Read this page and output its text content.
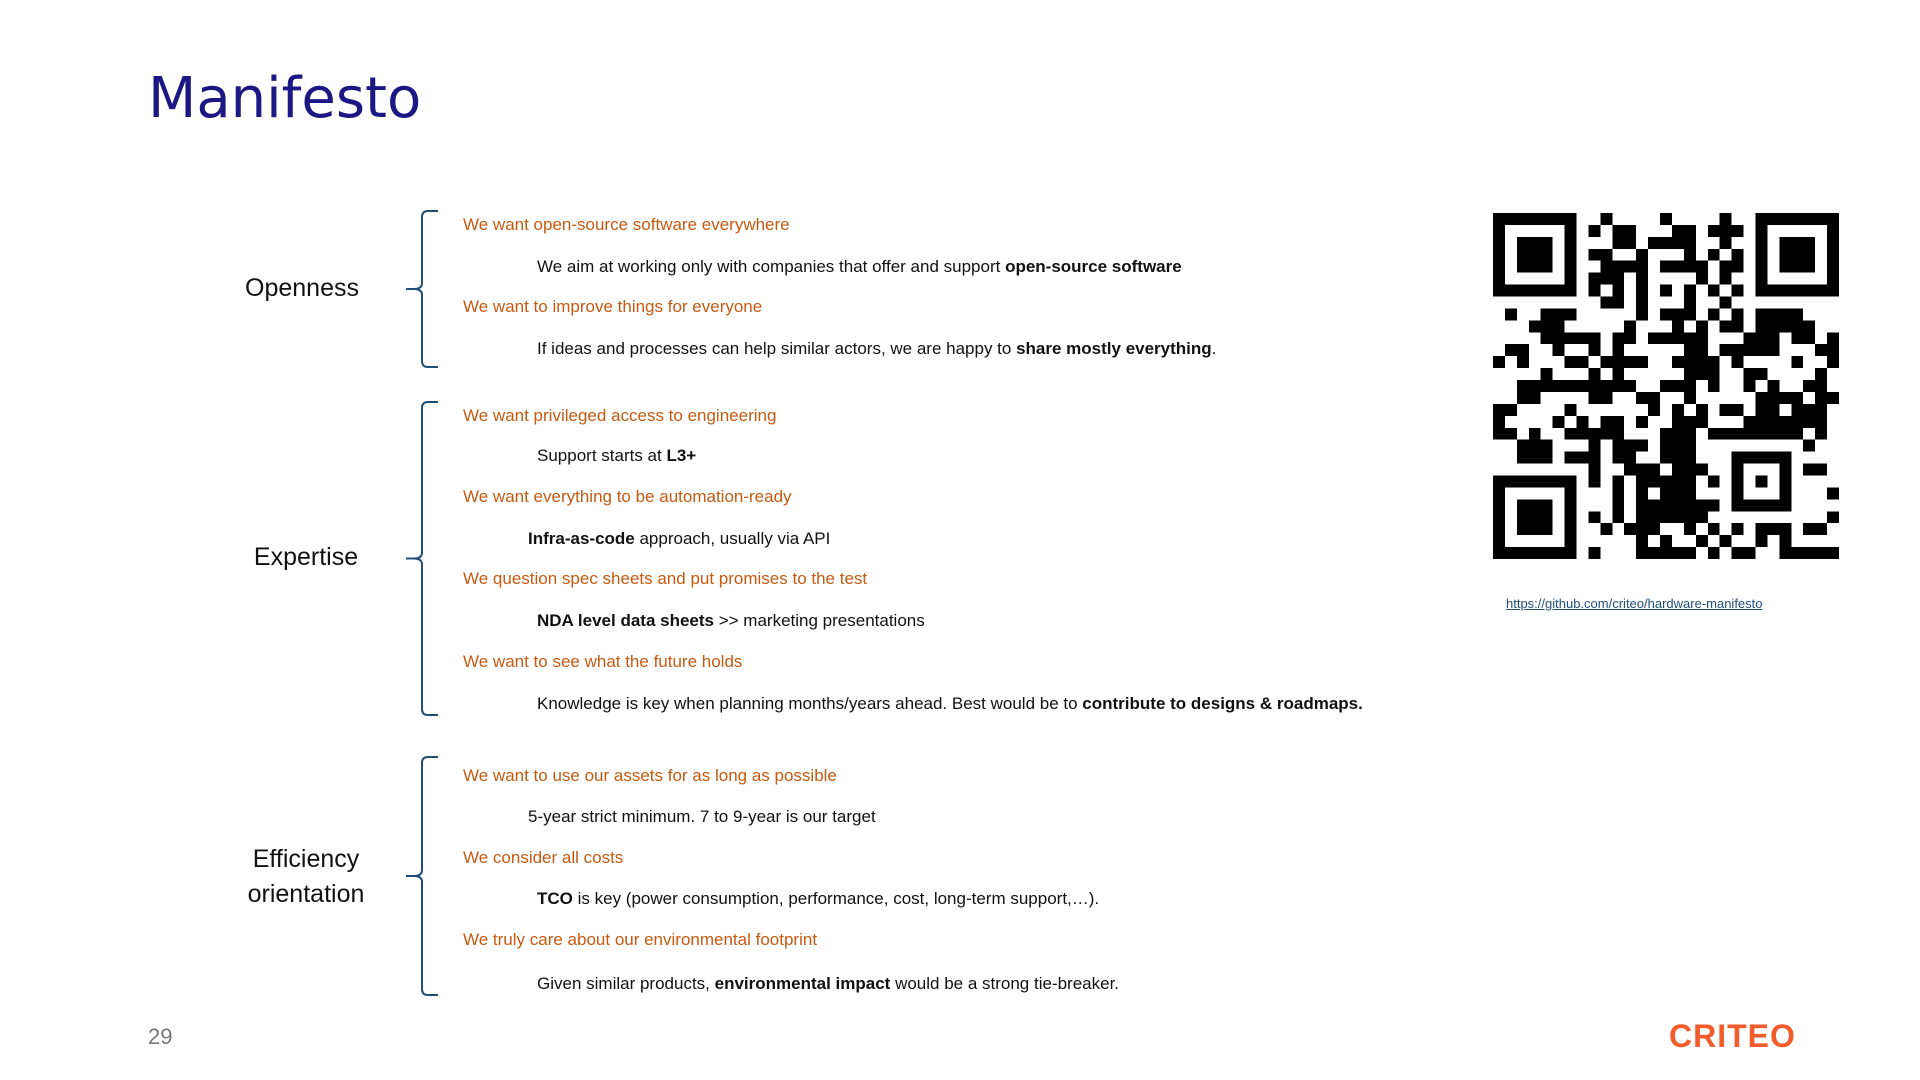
Manifesto
Openness
We want open-source software everywhere
We aim at working only with companies that offer and support open-source software
We want to improve things for everyone
If ideas and processes can help similar actors, we are happy to share mostly everything.
Expertise
We want privileged access to engineering
Support starts at L3+
We want everything to be automation-ready
Infra-as-code approach, usually via API
We question spec sheets and put promises to the test
NDA level data sheets >> marketing presentations
We want to see what the future holds
Knowledge is key when planning months/years ahead. Best would be to contribute to designs & roadmaps.
Efficiency
orientation
We want to use our assets for as long as possible
5-year strict minimum. 7 to 9-year is our target
We consider all costs
TCO is key (power consumption, performance, cost, long-term support,…).
We truly care about our environmental footprint
Given similar products, environmental impact would be a strong tie-breaker.
https://github.com/criteo/hardware-manifesto
29	CRITEO
